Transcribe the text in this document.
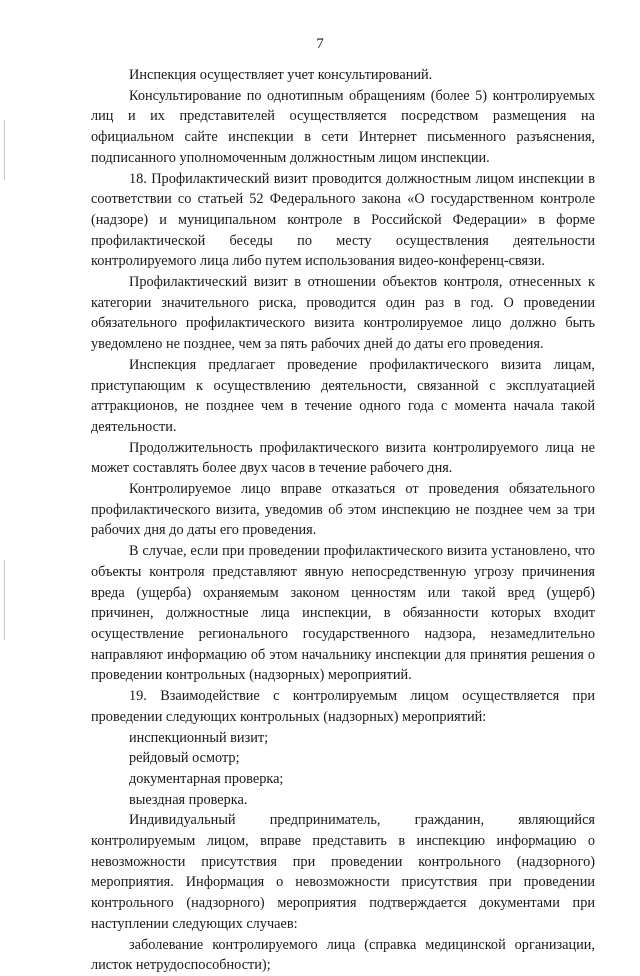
7

Инспекция осуществляет учет консультирований.

Консультирование по однотипным обращениям (более 5) контролируемых лиц и их представителей осуществляется посредством размещения на официальном сайте инспекции в сети Интернет письменного разъяснения, подписанного уполномоченным должностным лицом инспекции.

18. Профилактический визит проводится должностным лицом инспекции в соответствии со статьей 52 Федерального закона «О государственном контроле (надзоре) и муниципальном контроле в Российской Федерации» в форме профилактической беседы по месту осуществления деятельности контролируемого лица либо путем использования видео-конференц-связи.

Профилактический визит в отношении объектов контроля, отнесенных к категории значительного риска, проводится один раз в год. О проведении обязательного профилактического визита контролируемое лицо должно быть уведомлено не позднее, чем за пять рабочих дней до даты его проведения.

Инспекция предлагает проведение профилактического визита лицам, приступающим к осуществлению деятельности, связанной с эксплуатацией аттракционов, не позднее чем в течение одного года с момента начала такой деятельности.

Продолжительность профилактического визита контролируемого лица не может составлять более двух часов в течение рабочего дня.

Контролируемое лицо вправе отказаться от проведения обязательного профилактического визита, уведомив об этом инспекцию не позднее чем за три рабочих дня до даты его проведения.

В случае, если при проведении профилактического визита установлено, что объекты контроля представляют явную непосредственную угрозу причинения вреда (ущерба) охраняемым законом ценностям или такой вред (ущерб) причинен, должностные лица инспекции, в обязанности которых входит осуществление регионального государственного надзора, незамедлительно направляют информацию об этом начальнику инспекции для принятия решения о проведении контрольных (надзорных) мероприятий.

19. Взаимодействие с контролируемым лицом осуществляется при проведении следующих контрольных (надзорных) мероприятий:

инспекционный визит;

рейдовый осмотр;

документарная проверка;

выездная проверка.

Индивидуальный предприниматель, гражданин, являющийся контролируемым лицом, вправе представить в инспекцию информацию о невозможности присутствия при проведении контрольного (надзорного) мероприятия. Информация о невозможности присутствия при проведении контрольного (надзорного) мероприятия подтверждается документами при наступлении следующих случаев:

заболевание контролируемого лица (справка медицинской организации, листок нетрудоспособности);
